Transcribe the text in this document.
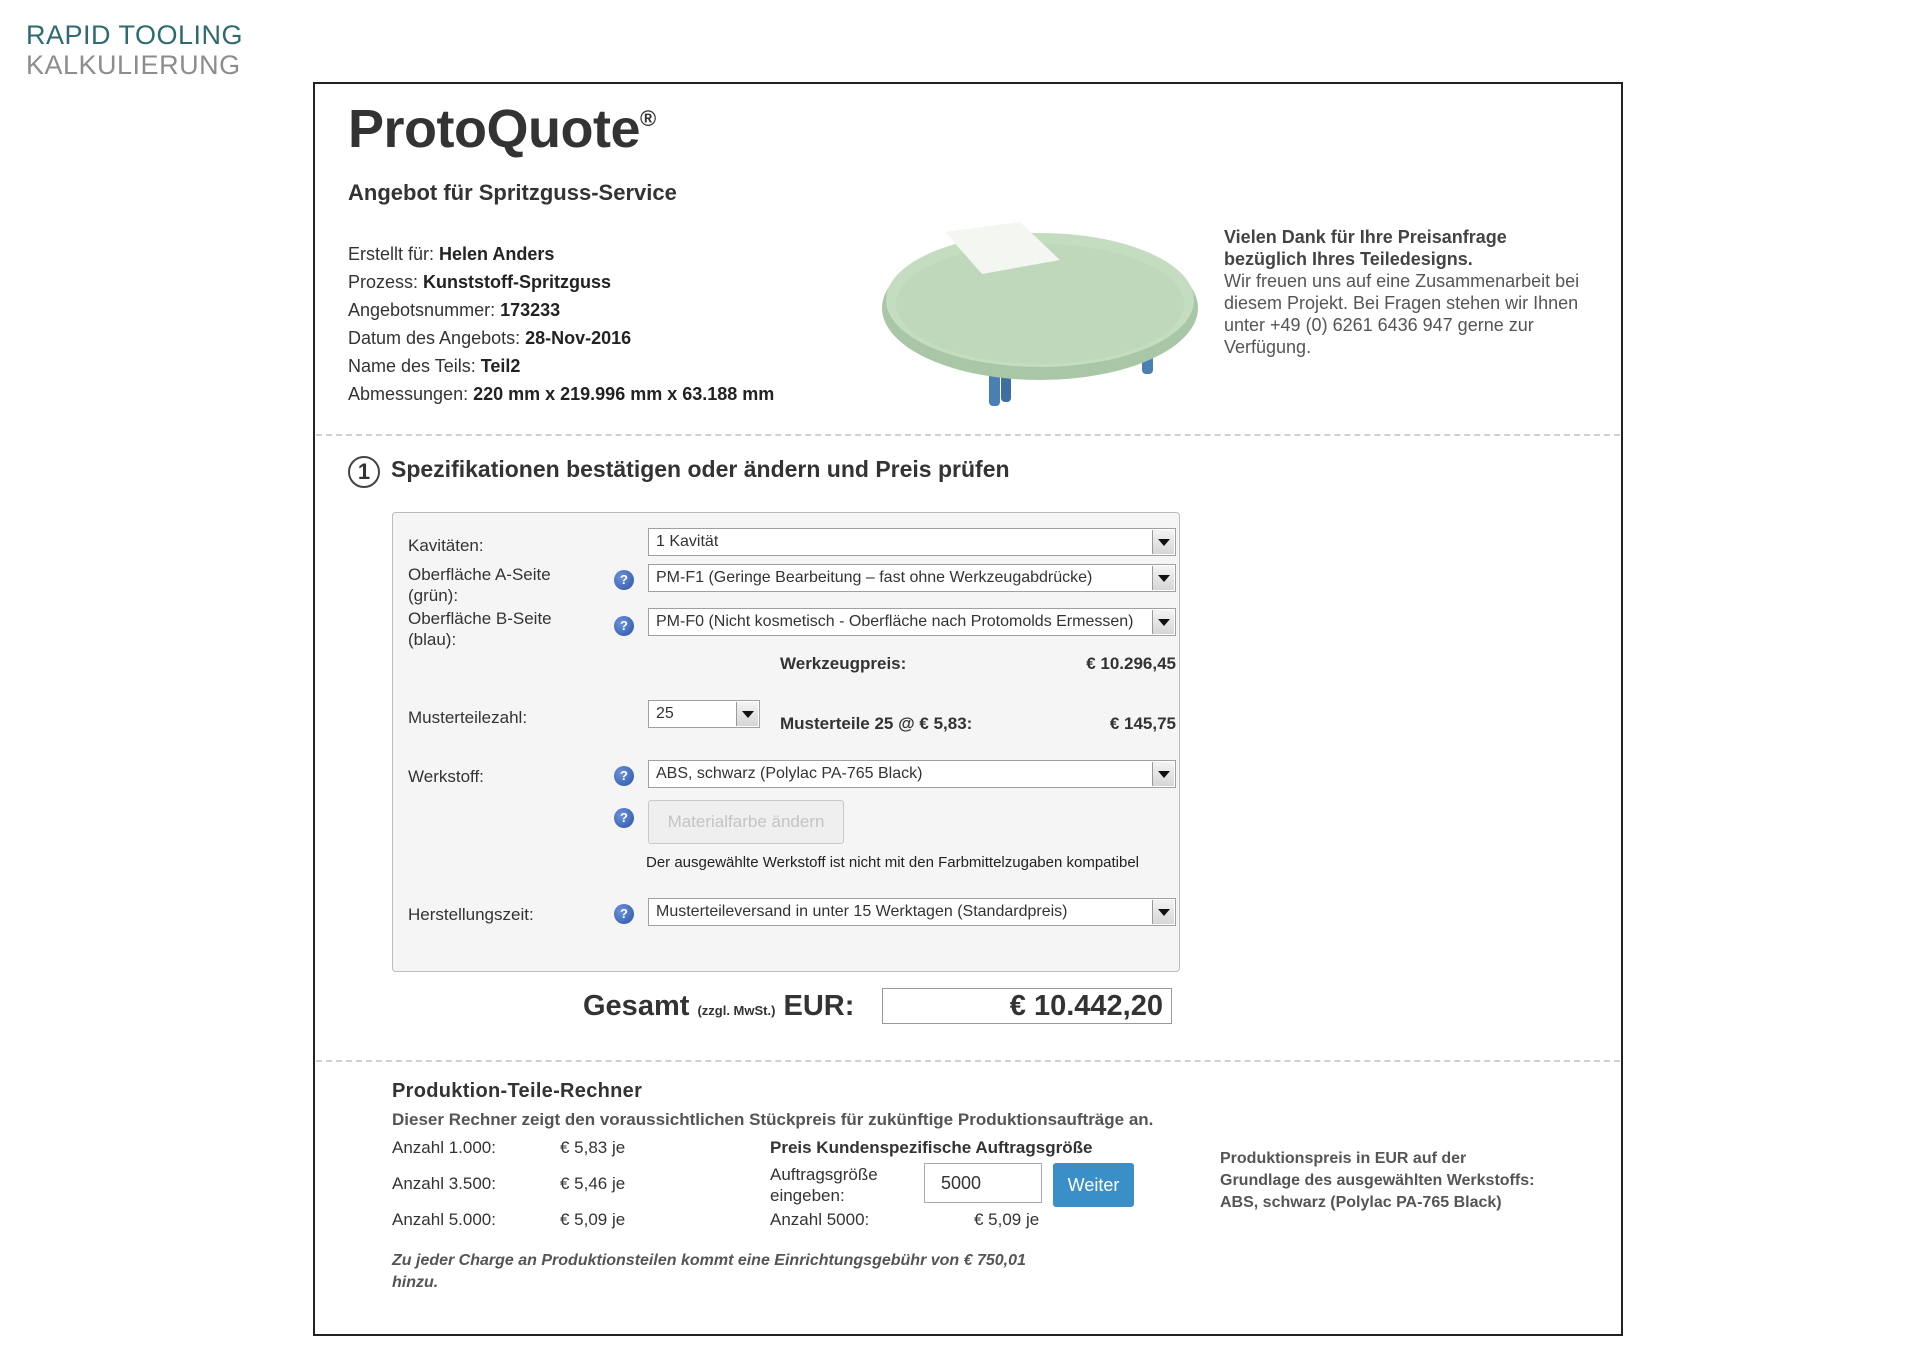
RAPID TOOLING
KALKULIERUNG
ProtoQuote®
Angebot für Spritzguss-Service
Erstellt für: Helen Anders
Prozess: Kunststoff-Spritzguss
Angebotsnummer: 173233
Datum des Angebots: 28-Nov-2016
Name des Teils: Teil2
Abmessungen: 220 mm x 219.996 mm x 63.188 mm
Vielen Dank für Ihre Preisanfrage bezüglich Ihres Teiledesigns.
Wir freuen uns auf eine Zusammenarbeit bei diesem Projekt. Bei Fragen stehen wir Ihnen unter +49 (0) 6261 6436 947 gerne zur Verfügung.
1 Spezifikationen bestätigen oder ändern und Preis prüfen
Kavitäten:	1 Kavität
Oberfläche A-Seite (grün):
?	PM-F1 (Geringe Bearbeitung – fast ohne Werkzeugabdrücke)
Oberfläche B-Seite (blau):
?	PM-F0 (Nicht kosmetisch - Oberfläche nach Protomolds Ermessen)
Werkzeugpreis:	€ 10.296,45
Musterteilezahl:	25
Musterteile 25 @ € 5,83:	€ 145,75
Werkstoff:	?	ABS, schwarz (Polylac PA-765 Black)
?	Materialfarbe ändern
Der ausgewählte Werkstoff ist nicht mit den Farbmittelzugaben kompatibel
Herstellungszeit:	?	Musterteileversand in unter 15 Werktagen (Standardpreis)
Gesamt (zzgl. MwSt.) EUR:	€ 10.442,20
Produktion-Teile-Rechner
Dieser Rechner zeigt den voraussichtlichen Stückpreis für zukünftige Produktionsaufträge an.
Anzahl 1.000:	€ 5,83 je
Anzahl 3.500:	€ 5,46 je
Anzahl 5.000:	€ 5,09 je
Preis Kundenspezifische Auftragsgröße
Auftragsgröße eingeben:
5000	Weiter
Anzahl 5000:	€ 5,09 je
Zu jeder Charge an Produktionsteilen kommt eine Einrichtungsgebühr von € 750,01 hinzu.
Produktionspreis in EUR auf der Grundlage des ausgewählten Werkstoffs: ABS, schwarz (Polylac PA-765 Black)
